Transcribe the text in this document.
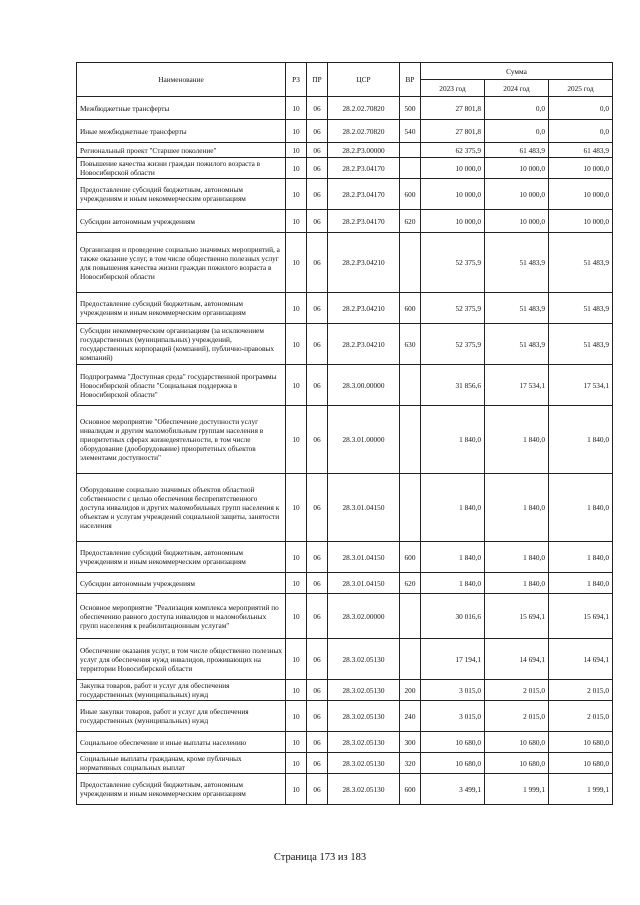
Наименование	РЗ	ПР	ЦСР	ВР	Сумма		
					2023 год	2024 год	2025 год
Межбюджетные трансферты	10	06	28.2.02.70820	500	27 801,8	0,0	0,0
Иные межбюджетные трансферты	10	06	28.2.02.70820	540	27 801,8	0,0	0,0
Региональный проект "Старшее поколение"	10	06	28.2.P3.00000		62 375,9	61 483,9	61 483,9
Повышение качества жизни граждан пожилого возраста в Новосибирской области	10	06	28.2.P3.04170		10 000,0	10 000,0	10 000,0
Предоставление субсидий бюджетным, автономным учреждениям и иным некоммерческим организациям	10	06	28.2.P3.04170	600	10 000,0	10 000,0	10 000,0
Субсидии автономным учреждениям	10	06	28.2.P3.04170	620	10 000,0	10 000,0	10 000,0
Организация и проведение социально значимых мероприятий, а также оказание услуг, в том числе общественно полезных услуг для повышения качества жизни граждан пожилого возраста в Новосибирской области	10	06	28.2.P3.04210		52 375,9	51 483,9	51 483,9
Предоставление субсидий бюджетным, автономным учреждениям и иным некоммерческим организациям	10	06	28.2.P3.04210	600	52 375,9	51 483,9	51 483,9
Субсидии некоммерческим организациям (за исключением государственных (муниципальных) учреждений, государственных корпораций (компаний), публично-правовых компаний)	10	06	28.2.P3.04210	630	52 375,9	51 483,9	51 483,9
Подпрограмма "Доступная среда" государственной программы Новосибирской области "Социальная поддержка в Новосибирской области"	10	06	28.3.00.00000		31 856,6	17 534,1	17 534,1
Основное мероприятие "Обеспечение доступности услуг инвалидам и другим маломобильным группам населения в приоритетных сферах жизнедеятельности, в том числе оборудование (дооборудование) приоритетных объектов элементами доступности"	10	06	28.3.01.00000		1 840,0	1 840,0	1 840,0
Оборудование социально значимых объектов областной собственности с целью обеспечения беспрепятственного доступа инвалидов и других маломобильных групп населения к объектам и услугам учреждений социальной защиты, занятости населения	10	06	28.3.01.04150		1 840,0	1 840,0	1 840,0
Предоставление субсидий бюджетным, автономным учреждениям и иным некоммерческим организациям	10	06	28.3.01.04150	600	1 840,0	1 840,0	1 840,0
Субсидии автономным учреждениям	10	06	28.3.01.04150	620	1 840,0	1 840,0	1 840,0
Основное мероприятие "Реализация комплекса мероприятий по обеспечению равного доступа инвалидов и маломобильных групп населения к реабилитационным услугам"	10	06	28.3.02.00000		30 016,6	15 694,1	15 694,1
Обеспечение оказания услуг, в том числе общественно полезных услуг для обеспечения нужд инвалидов, проживающих на территории Новосибирской области	10	06	28.3.02.05130		17 194,1	14 694,1	14 694,1
Закупка товаров, работ и услуг для обеспечения государственных (муниципальных) нужд	10	06	28.3.02.05130	200	3 015,0	2 015,0	2 015,0
Иные закупки товаров, работ и услуг для обеспечения государственных (муниципальных) нужд	10	06	28.3.02.05130	240	3 015,0	2 015,0	2 015,0
Социальное обеспечение и иные выплаты населению	10	06	28.3.02.05130	300	10 680,0	10 680,0	10 680,0
Социальные выплаты гражданам, кроме публичных нормативных социальных выплат	10	06	28.3.02.05130	320	10 680,0	10 680,0	10 680,0
Предоставление субсидий бюджетным, автономным учреждениям и иным некоммерческим организациям	10	06	28.3.02.05130	600	3 499,1	1 999,1	1 999,1
Страница 173 из 183
